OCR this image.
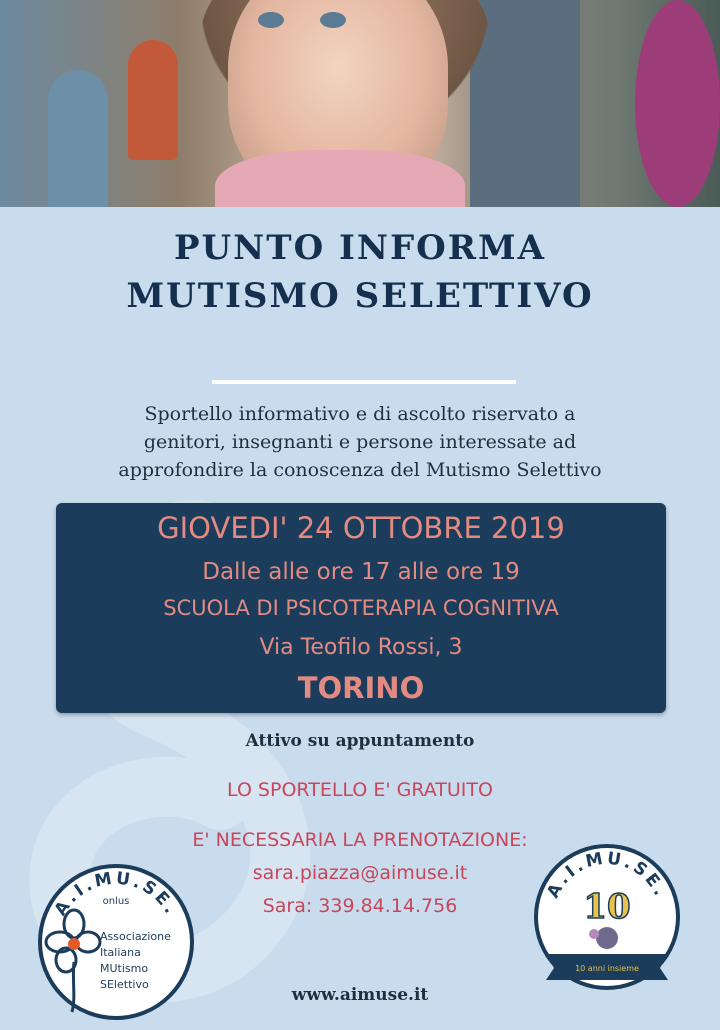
PUNTO INFORMA
MUTISMO SELETTIVO

Sportello informativo e di ascolto riservato a
genitori, insegnanti e persone interessate ad
approfondire la conoscenza del Mutismo Selettivo

GIOVEDI' 24 OTTOBRE 2019
Dalle alle ore 17 alle ore 19
SCUOLA DI PSICOTERAPIA COGNITIVA
Via Teofilo Rossi, 3
TORINO

Attivo su appuntamento

LO SPORTELLO E' GRATUITO

E' NECESSARIA LA PRENOTAZIONE:

sara.piazza@aimuse.it

Sara: 339.84.14.756

www.aimuse.it

A.I.MU.SE.
onlus
Associazione Italiana MUtismo SElettivo
A.I.MU.SE.
10
10 anni insieme
